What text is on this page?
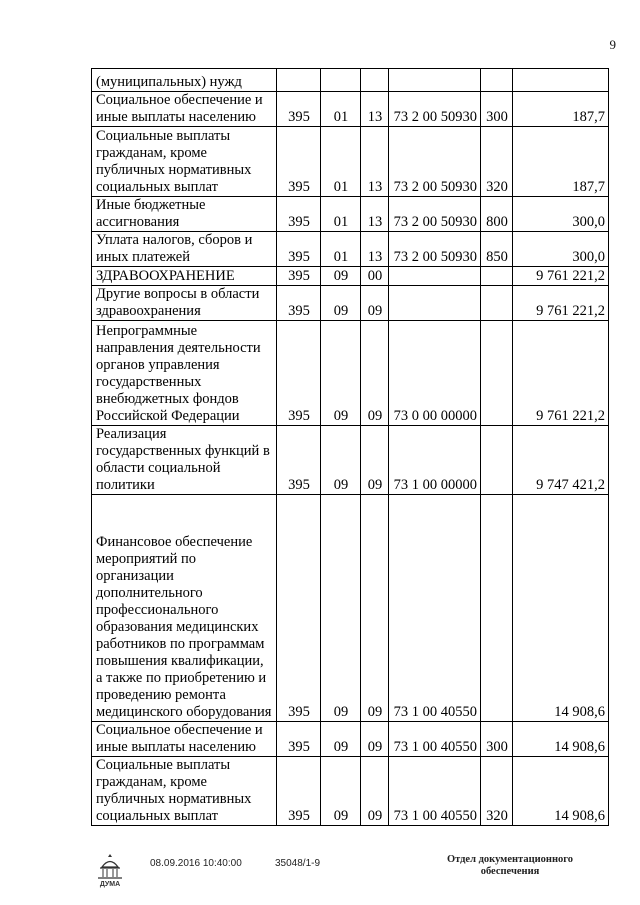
9
(муниципальных) нужд						
Социальное обеспечение и иные выплаты населению	395	01	13	73 2 00 50930	300	187,7
Социальные выплаты гражданам, кроме публичных нормативных социальных выплат	395	01	13	73 2 00 50930	320	187,7
Иные бюджетные ассигнования	395	01	13	73 2 00 50930	800	300,0
Уплата налогов, сборов и иных платежей	395	01	13	73 2 00 50930	850	300,0
ЗДРАВООХРАНЕНИЕ	395	09	00			9 761 221,2
Другие вопросы в области здравоохранения	395	09	09			9 761 221,2
Непрограммные направления деятельности органов управления государственных внебюджетных фондов Российской Федерации	395	09	09	73 0 00 00000		9 761 221,2
Реализация государственных функций в области социальной политики	395	09	09	73 1 00 00000		9 747 421,2
Финансовое обеспечение мероприятий по организации дополнительного профессионального образования медицинских работников по программам повышения квалификации, а также по приобретению и проведению ремонта медицинского оборудования	395	09	09	73 1 00 40550		14 908,6
Социальное обеспечение и иные выплаты населению	395	09	09	73 1 00 40550	300	14 908,6
Социальные выплаты гражданам, кроме публичных нормативных социальных выплат	395	09	09	73 1 00 40550	320	14 908,6
ДУМА
08.09.2016 10:40:00	35048/1-9	Отдел документационного обеспечения
